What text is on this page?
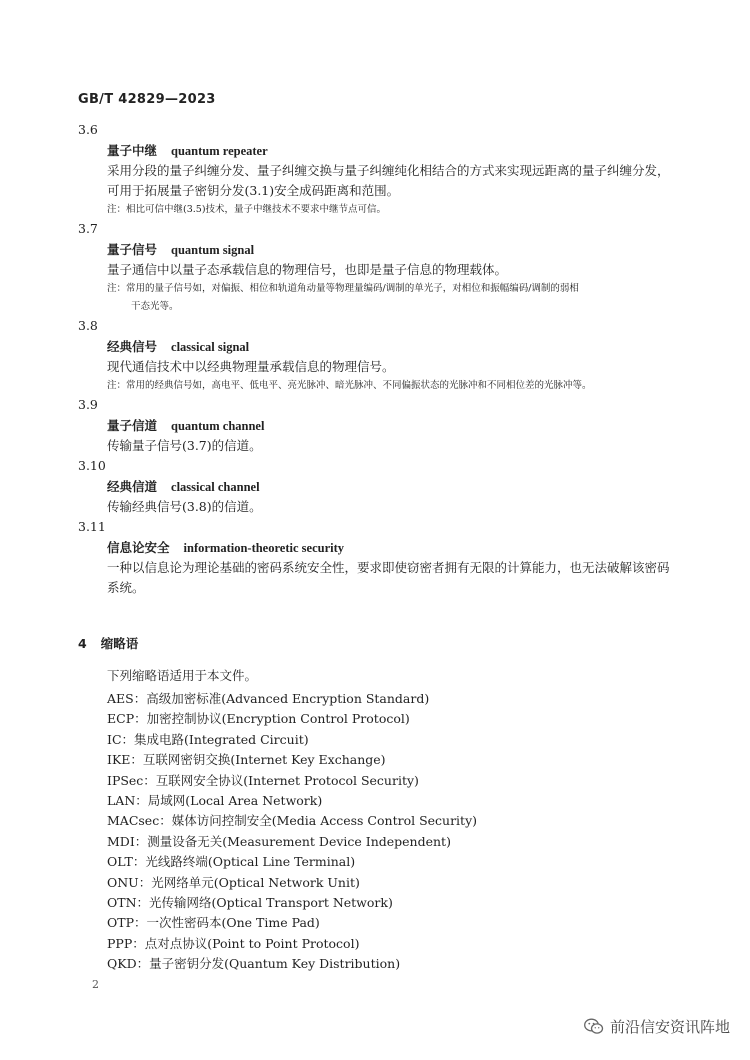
GB/T 42829—2023
3.6
量子中继 quantum repeater
采用分段的量子纠缠分发、量子纠缠交换与量子纠缠纯化相结合的方式来实现远距离的量子纠缠分发，可用于拓展量子密钥分发(3.1)安全成码距离和范围。
注：相比可信中继(3.5)技术，量子中继技术不要求中继节点可信。
3.7
量子信号 quantum signal
量子通信中以量子态承载信息的物理信号，也即是量子信息的物理载体。
注：常用的量子信号如，对偏振、相位和轨道角动量等物理量编码/调制的单光子，对相位和振幅编码/调制的弱相
干态光等。
3.8
经典信号 classical signal
现代通信技术中以经典物理量承载信息的物理信号。
注：常用的经典信号如，高电平、低电平、亮光脉冲、暗光脉冲、不同偏振状态的光脉冲和不同相位差的光脉冲等。
3.9
量子信道 quantum channel
传输量子信号(3.7)的信道。
3.10
经典信道 classical channel
传输经典信号(3.8)的信道。
3.11
信息论安全 information-theoretic security
一种以信息论为理论基础的密码系统安全性，要求即使窃密者拥有无限的计算能力，也无法破解该密码系统。
4 缩略语
下列缩略语适用于本文件。
AES：高级加密标准(Advanced Encryption Standard)
ECP：加密控制协议(Encryption Control Protocol)
IC：集成电路(Integrated Circuit)
IKE：互联网密钥交换(Internet Key Exchange)
IPSec：互联网安全协议(Internet Protocol Security)
LAN：局域网(Local Area Network)
MACsec：媒体访问控制安全(Media Access Control Security)
MDI：测量设备无关(Measurement Device Independent)
OLT：光线路终端(Optical Line Terminal)
ONU：光网络单元(Optical Network Unit)
OTN：光传输网络(Optical Transport Network)
OTP：一次性密码本(One Time Pad)
PPP：点对点协议(Point to Point Protocol)
QKD：量子密钥分发(Quantum Key Distribution)
2
前沿信安资讯阵地
